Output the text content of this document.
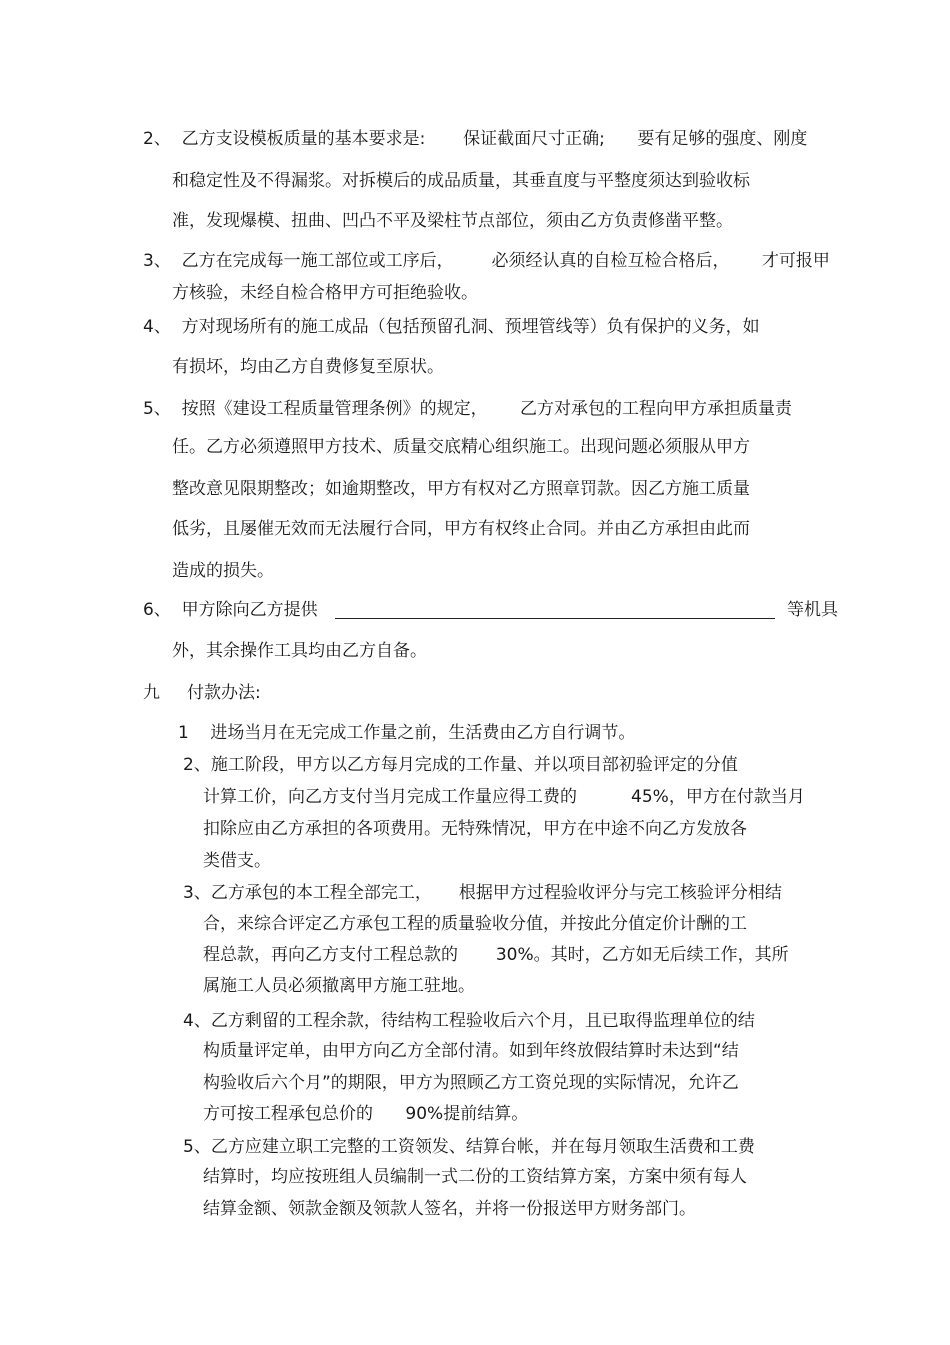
2、  乙方支设模板质量的基本要求是:       保证截面尺寸正确;      要有足够的强度、刚度
和稳定性及不得漏浆。对拆模后的成品质量，其垂直度与平整度须达到验收标
准，发现爆模、扭曲、凹凸不平及梁柱节点部位，须由乙方负责修凿平整。
3、  乙方在完成每一施工部位或工序后，       必须经认真的自检互检合格后，      才可报甲
方核验，未经自检合格甲方可拒绝验收。
4、  方对现场所有的施工成品（包括预留孔洞、预埋管线等）负有保护的义务，如
有损坏，均由乙方自费修复至原状。
5、  按照《建设工程质量管理条例》的规定，      乙方对承包的工程向甲方承担质量责
任。乙方必须遵照甲方技术、质量交底精心组织施工。出现问题必须服从甲方
整改意见限期整改；如逾期整改，甲方有权对乙方照章罚款。因乙方施工质量
低劣，且屡催无效而无法履行合同，甲方有权终止合同。并由乙方承担由此而
造成的损失。
6、  甲方除向乙方提供	等机具
外，其余操作工具均由乙方自备。
九     付款办法:
1    进场当月在无完成工作量之前，生活费由乙方自行调节。
2、施工阶段，甲方以乙方每月完成的工作量、并以项目部初验评定的分值
计算工价，向乙方支付当月完成工作量应得工费的          45%，甲方在付款当月
扣除应由乙方承担的各项费用。无特殊情况，甲方在中途不向乙方发放各
类借支。
3、乙方承包的本工程全部完工，     根据甲方过程验收评分与完工核验评分相结
合，来综合评定乙方承包工程的质量验收分值，并按此分值定价计酬的工
程总款，再向乙方支付工程总款的       30%。其时，乙方如无后续工作，其所
属施工人员必须撤离甲方施工驻地。
4、乙方剩留的工程余款，待结构工程验收后六个月，且已取得监理单位的结
构质量评定单，由甲方向乙方全部付清。如到年终放假结算时未达到“结
构验收后六个月”的期限，甲方为照顾乙方工资兑现的实际情况，允许乙
方可按工程承包总价的      90%提前结算。
5、乙方应建立职工完整的工资领发、结算台帐，并在每月领取生活费和工费
结算时，均应按班组人员编制一式二份的工资结算方案，方案中须有每人
结算金额、领款金额及领款人签名，并将一份报送甲方财务部门。
